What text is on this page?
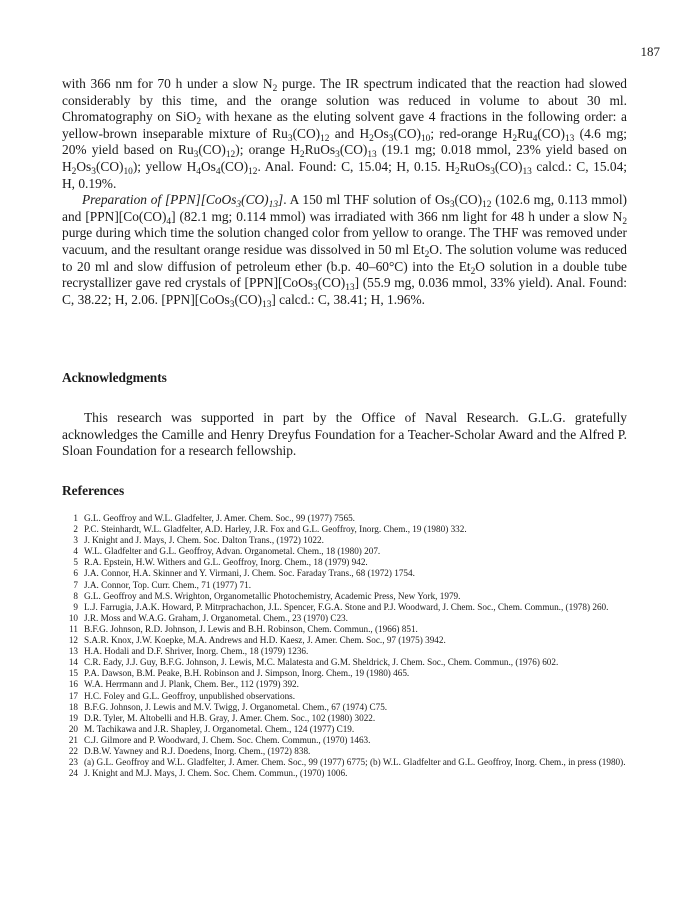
187

with 366 nm for 70 h under a slow $N_2$ purge. The IR spectrum indicated that the reaction had slowed considerably by this time, and the orange solution was reduced in volume to about 30 ml. Chromatography on SiO$_2$ with hexane as the eluting solvent gave 4 fractions in the following order: a yellow-brown inseparable mixture of $Ru_3(CO)_{12}$ and $H_2Os_3(CO)_{10}$; red-orange $H_2Ru_4(CO)_{13}$ (4.6 mg; 20% yield based on $Ru_3(CO)_{12}$); orange $H_2RuOs_3(CO)_{13}$ (19.1 mg; 0.018 mmol, 23% yield based on $H_2Os_3(CO)_{10}$); yellow $H_4Os_4(CO)_{12}$. Anal. Found: C, 15.04; H, 0.15. $H_2RuOs_3(CO)_{13}$ calcd.: C, 15.04; H, 0.19%.

Preparation of $[PPN][CoOs_3(CO)_{13}]$. A 150 ml THF solution of $Os_3(CO)_{12}$ (102.6 mg, 0.113 mmol) and $[PPN][Co(CO)_4]$ (82.1 mg; 0.114 mmol) was irradiated with 366 nm light for 48 h under a slow $N_2$ purge during which time the solution changed color from yellow to orange. The THF was removed under vacuum, and the resultant orange residue was dissolved in 50 ml $Et_2O$. The solution volume was reduced to 20 ml and slow diffusion of petroleum ether (b.p. 40–60°C) into the $Et_2O$ solution in a double tube recrystallizer gave red crystals of $[PPN][CoOs_3(CO)_{13}]$ (55.9 mg, 0.036 mmol, 33% yield). Anal. Found: C, 38.22; H, 2.06. $[PPN][CoOs_3(CO)_{13}]$ calcd.: C, 38.41; H, 1.96%.

Acknowledgments
This research was supported in part by the Office of Naval Research. G.L.G. gratefully acknowledges the Camille and Henry Dreyfus Foundation for a Teacher-Scholar Award and the Alfred P. Sloan Foundation for a research fellowship.
References
1 G.L. Geoffroy and W.L. Gladfelter, J. Amer. Chem. Soc., 99 (1977) 7565.
2 P.C. Steinhardt, W.L. Gladfelter, A.D. Harley, J.R. Fox and G.L. Geoffroy, Inorg. Chem., 19 (1980) 332.
3 J. Knight and J. Mays, J. Chem. Soc. Dalton Trans., (1972) 1022.
4 W.L. Gladfelter and G.L. Geoffroy, Advan. Organometal. Chem., 18 (1980) 207.
5 R.A. Epstein, H.W. Withers and G.L. Geoffroy, Inorg. Chem., 18 (1979) 942.
6 J.A. Connor, H.A. Skinner and Y. Virmani, J. Chem. Soc. Faraday Trans., 68 (1972) 1754.
7 J.A. Connor, Top. Curr. Chem., 71 (1977) 71.
8 G.L. Geoffroy and M.S. Wrighton, Organometallic Photochemistry, Academic Press, New York, 1979.
9 L.J. Farrugia, J.A.K. Howard, P. Mitrprachachon, J.L. Spencer, F.G.A. Stone and P.J. Woodward, J. Chem. Soc., Chem. Commun., (1978) 260.
10 J.R. Moss and W.A.G. Graham, J. Organometal. Chem., 23 (1970) C23.
11 B.F.G. Johnson, R.D. Johnson, J. Lewis and B.H. Robinson, Chem. Commun., (1966) 851.
12 S.A.R. Knox, J.W. Koepke, M.A. Andrews and H.D. Kaesz, J. Amer. Chem. Soc., 97 (1975) 3942.
13 H.A. Hodali and D.F. Shriver, Inorg. Chem., 18 (1979) 1236.
14 C.R. Eady, J.J. Guy, B.F.G. Johnson, J. Lewis, M.C. Malatesta and G.M. Sheldrick, J. Chem. Soc., Chem. Commun., (1976) 602.
15 P.A. Dawson, B.M. Peake, B.H. Robinson and J. Simpson, Inorg. Chem., 19 (1980) 465.
16 W.A. Herrmann and J. Plank, Chem. Ber., 112 (1979) 392.
17 H.C. Foley and G.L. Geoffroy, unpublished observations.
18 B.F.G. Johnson, J. Lewis and M.V. Twigg, J. Organometal. Chem., 67 (1974) C75.
19 D.R. Tyler, M. Altobelli and H.B. Gray, J. Amer. Chem. Soc., 102 (1980) 3022.
20 M. Tachikawa and J.R. Shapley, J. Organometal. Chem., 124 (1977) C19.
21 C.J. Gilmore and P. Woodward, J. Chem. Soc. Chem. Commun., (1970) 1463.
22 D.B.W. Yawney and R.J. Doedens, Inorg. Chem., (1972) 838.
23 (a) G.L. Geoffroy and W.L. Gladfelter, J. Amer. Chem. Soc., 99 (1977) 6775; (b) W.L. Gladfelter and G.L. Geoffroy, Inorg. Chem., in press (1980).
24 J. Knight and M.J. Mays, J. Chem. Soc. Chem. Commun., (1970) 1006.
